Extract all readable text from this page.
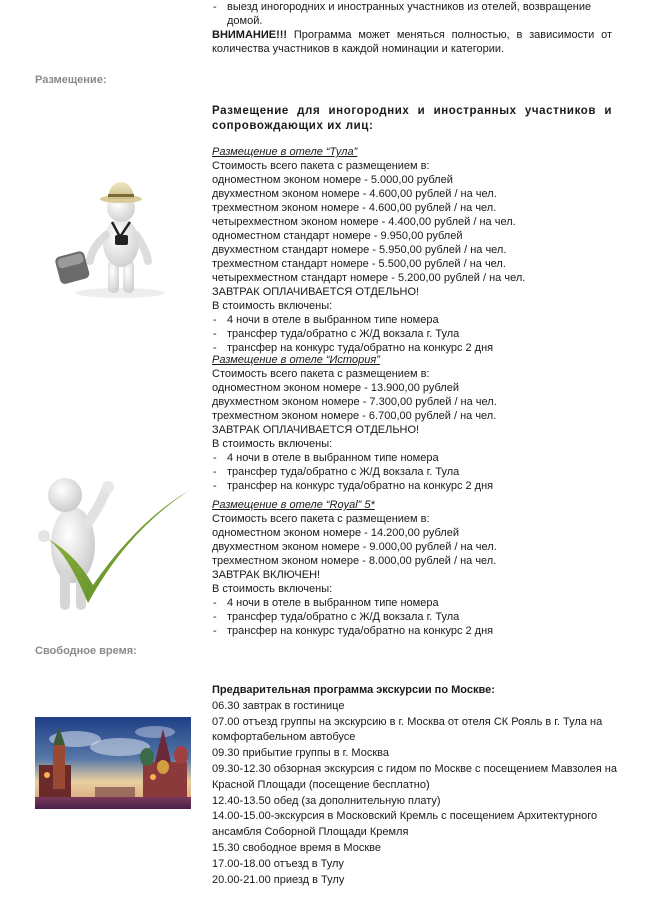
- выезд иногородних и иностранных участников из отелей, возвращение
домой.
ВНИМАНИЕ!!! Программа может меняться полностью, в зависимости от количества участников в каждой номинации и категории.
Размещение:
Размещение для иногородних и иностранных участников и сопровождающих их лиц:
Размещение в отеле “Тула”
Стоимость всего пакета с размещением в:
одноместном эконом номере - 5.000,00 рублей
двухместном эконом номере - 4.600,00 рублей / на чел.
трехместном эконом номере - 4.600,00 рублей / на чел.
четырехместном эконом номере - 4.400,00 рублей / на чел.
одноместном стандарт номере - 9.950,00 рублей
двухместном стандарт номере - 5.950,00 рублей / на чел.
трехместном стандарт номере - 5.500,00 рублей / на чел.
четырехместном стандарт номере - 5.200,00 рублей / на чел.
ЗАВТРАК ОПЛАЧИВАЕТСЯ ОТДЕЛЬНО!
В стоимость включены:
- 4 ночи в отеле в выбранном типе номера
- трансфер туда/обратно с Ж/Д вокзала г. Тула
- трансфер на конкурс туда/обратно на конкурс 2 дня
Размещение в отеле “История”
Стоимость всего пакета с размещением в:
одноместном эконом номере - 13.900,00 рублей
двухместном эконом номере - 7.300,00 рублей / на чел.
трехместном эконом номере - 6.700,00 рублей / на чел.
ЗАВТРАК ОПЛАЧИВАЕТСЯ ОТДЕЛЬНО!
В стоимость включены:
- 4 ночи в отеле в выбранном типе номера
- трансфер туда/обратно с Ж/Д вокзала г. Тула
- трансфер на конкурс туда/обратно на конкурс 2 дня
Размещение в отеле “Royal” 5*
Стоимость всего пакета с размещением в:
одноместном эконом номере - 14.200,00 рублей
двухместном эконом номере - 9.000,00 рублей / на чел.
трехместном эконом номере - 8.000,00 рублей / на чел.
ЗАВТРАК ВКЛЮЧЕН!
В стоимость включены:
- 4 ночи в отеле в выбранном типе номера
- трансфер туда/обратно с Ж/Д вокзала г. Тула
- трансфер на конкурс туда/обратно на конкурс 2 дня
Свободное время:
Предварительная программа экскурсии по Москве:
06.30 завтрак в гостинице
07.00 отъезд группы на экскурсию в г. Москва от отеля СК Рояль в г. Тула на комфортабельном автобусе
09.30 прибытие группы в г. Москва
09.30-12.30 обзорная экскурсия с гидом по Москве с посещением Мавзолея на Красной Площади (посещение бесплатно)
12.40-13.50 обед (за дополнительную плату)
14.00-15.00-экскурсия в Московский Кремль с посещением Архитектурного ансамбля Соборной Площади Кремля
15.30 свободное время в Москве
17.00-18.00 отъезд в Тулу
20.00-21.00 приезд в Тулу
